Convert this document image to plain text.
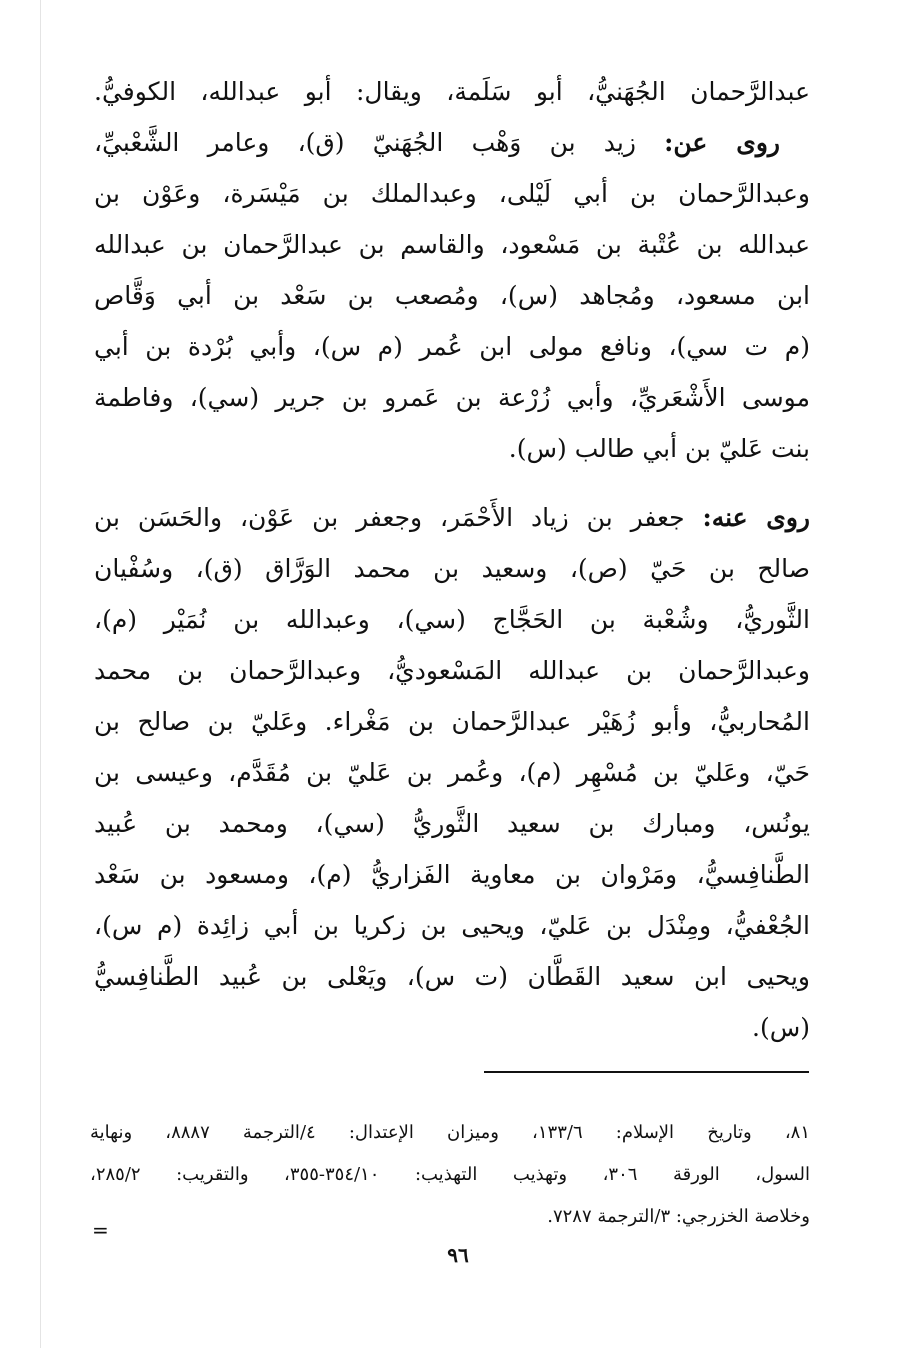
عبدالرَّحمان الجُهَنيُّ، أبو سَلَمة، ويقال: أبو عبدالله، الكوفيُّ.
روى عن: زيد بن وَهْب الجُهَنيّ (ق)، وعامر الشَّعْبيِّ،
وعبدالرَّحمان بن أبي لَيْلى، وعبدالملك بن مَيْسَرة، وعَوْن بن
عبدالله بن عُتْبة بن مَسْعود، والقاسم بن عبدالرَّحمان بن عبدالله
ابن مسعود، ومُجاهد (س)، ومُصعب بن سَعْد بن أبي وَقَّاص
(م ت سي)، ونافع مولى ابن عُمر (م س)، وأبي بُرْدة بن أبي
موسى الأَشْعَريِّ، وأبي زُرْعة بن عَمرو بن جرير (سي)، وفاطمة
بنت عَليّ بن أبي طالب (س).
روى عنه: جعفر بن زياد الأَحْمَر، وجعفر بن عَوْن، والحَسَن بن
صالح بن حَيّ (ص)، وسعيد بن محمد الوَرَّاق (ق)، وسُفْيان
الثَّوريُّ، وشُعْبة بن الحَجَّاج (سي)، وعبدالله بن نُمَيْر (م)،
وعبدالرَّحمان بن عبدالله المَسْعوديُّ، وعبدالرَّحمان بن محمد
المُحاربيُّ، وأبو زُهَيْر عبدالرَّحمان بن مَغْراء. وعَليّ بن صالح بن
حَيّ، وعَليّ بن مُسْهِر (م)، وعُمر بن عَليّ بن مُقَدَّم، وعيسى بن
يونُس، ومبارك بن سعيد الثَّوريُّ (سي)، ومحمد بن عُبيد
الطَّنافِسيُّ، ومَرْوان بن معاوية الفَزاريُّ (م)، ومسعود بن سَعْد
الجُعْفيُّ، ومِنْدَل بن عَليّ، ويحيى بن زكريا بن أبي زائِدة (م س)،
ويحيى ابن سعيد القَطَّان (ت س)، ويَعْلى بن عُبيد الطَّنافِسيُّ
(س).
٨١، وتاريخ الإسلام: ١٣٣/٦، وميزان الإعتدال: ٤/الترجمة ٨٨٨٧، ونهاية
السول، الورقة ٣٠٦، وتهذيب التهذيب: ٣٥٤/١٠-٣٥٥، والتقريب: ٢٨٥/٢،
وخلاصة الخزرجي: ٣/الترجمة ٧٢٨٧.
=
٩٦
